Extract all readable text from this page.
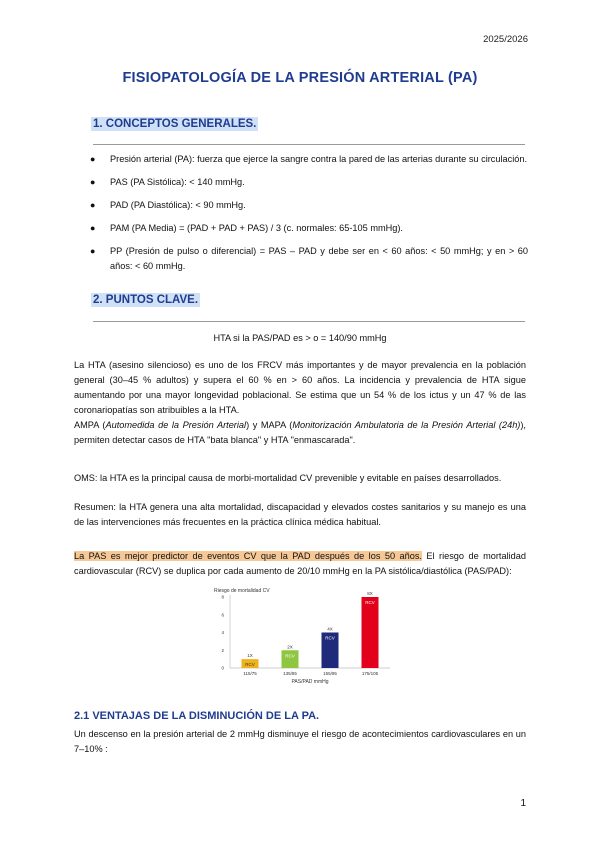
2025/2026
FISIOPATOLOGÍA DE LA PRESIÓN ARTERIAL (PA)
1. CONCEPTOS GENERALES.
● Presión arterial (PA): fuerza que ejerce la sangre contra la pared de las arterias durante su circulación.
● PAS (PA Sistólica): < 140 mmHg.
● PAD (PA Diastólica): < 90 mmHg.
● PAM (PA Media) = (PAD + PAD + PAS) / 3 (c. normales: 65-105 mmHg).
● PP (Presión de pulso o diferencial) = PAS – PAD y debe ser en < 60 años: < 50 mmHg; y en > 60 años: < 60 mmHg.
2. PUNTOS CLAVE.
HTA si la PAS/PAD es > o = 140/90 mmHg
La HTA (asesino silencioso) es uno de los FRCV más importantes y de mayor prevalencia en la población general (30–45 % adultos) y supera el 60 % en > 60 años. La incidencia y prevalencia de HTA sigue aumentando por una mayor longevidad poblacional. Se estima que un 54 % de los ictus y un 47 % de las coronariopatías son atribuibles a la HTA.
AMPA (Automedida de la Presión Arterial) y MAPA (Monitorización Ambulatoria de la Presión Arterial (24h)), permiten detectar casos de HTA "bata blanca" y HTA "enmascarada".
OMS: la HTA es la principal causa de morbi-mortalidad CV prevenible y evitable en países desarrollados.
Resumen: la HTA genera una alta mortalidad, discapacidad y elevados costes sanitarios y su manejo es una de las intervenciones más frecuentes en la práctica clínica médica habitual.
La PAS es mejor predictor de eventos CV que la PAD después de los 50 años. El riesgo de mortalidad cardiovascular (RCV) se duplica por cada aumento de 20/10 mmHg en la PA sistólica/diastólica (PAS/PAD):
Riesgo de mortalidad CV
0
2
4
6
8
1X
RCV
115/75
2X
RCV
135/85
4X
RCV
155/95
8X
RCV
175/105
PAS/PAD mmHg
2.1 VENTAJAS DE LA DISMINUCIÓN DE LA PA.
Un descenso en la presión arterial de 2 mmHg disminuye el riesgo de acontecimientos cardiovasculares en un 7–10% :
1
